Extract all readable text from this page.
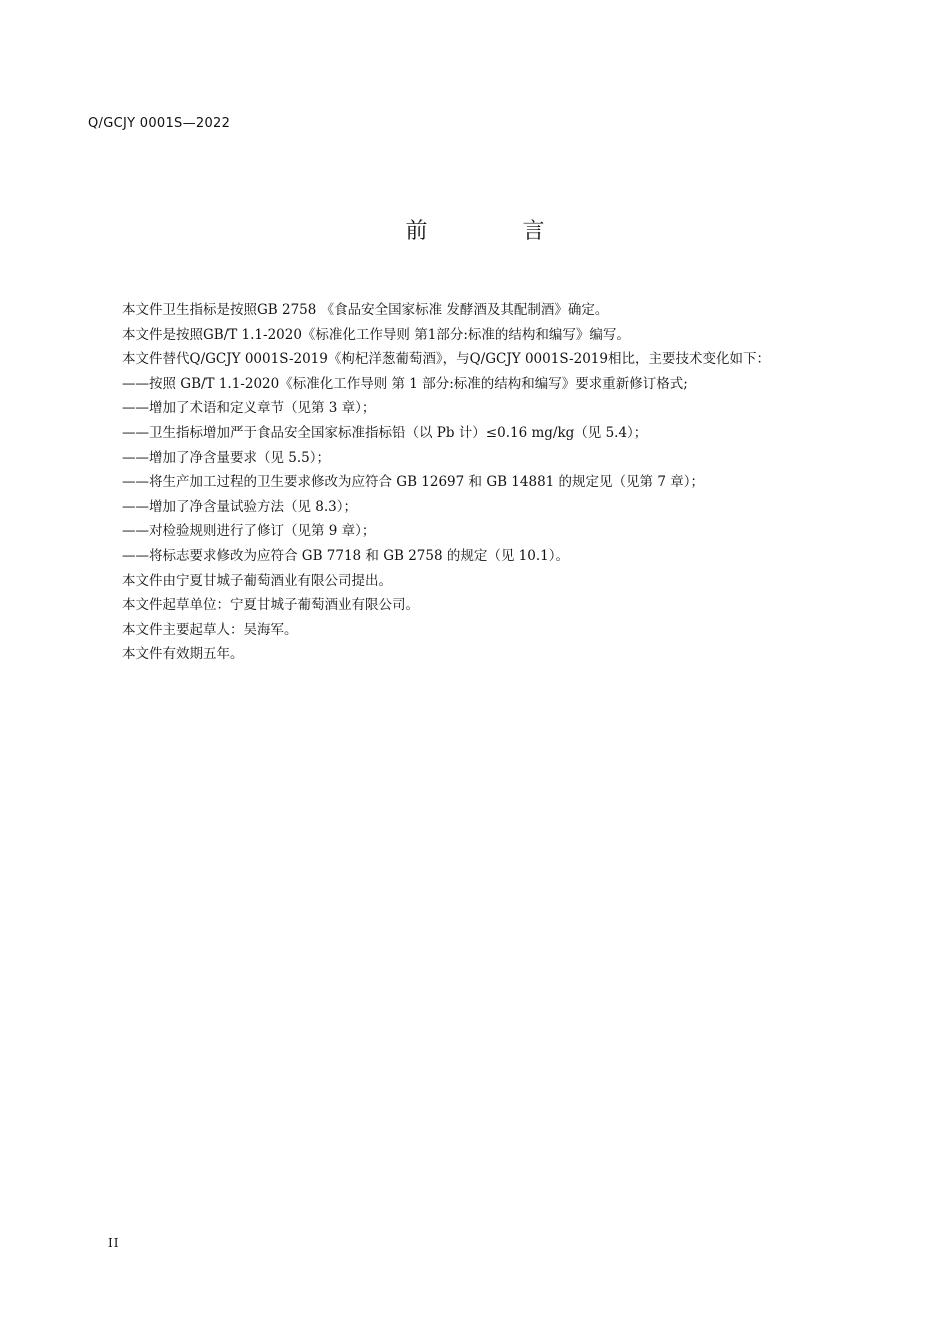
Q/GCJY 0001S—2022
前 言

本文件卫生指标是按照GB 2758 《食品安全国家标准 发酵酒及其配制酒》确定。

本文件是按照GB/T 1.1-2020《标准化工作导则 第1部分:标准的结构和编写》编写。

本文件替代Q/GCJY 0001S-2019《枸杞洋葱葡萄酒》，与Q/GCJY 0001S-2019相比，主要技术变化如下：

——按照 GB/T 1.1-2020《标准化工作导则 第 1 部分:标准的结构和编写》要求重新修订格式;

——增加了术语和定义章节（见第 3 章）；

——卫生指标增加严于食品安全国家标准指标铅（以 Pb 计）≤0.16 mg/kg（见 5.4）；

——增加了净含量要求（见 5.5）；

——将生产加工过程的卫生要求修改为应符合 GB 12697 和 GB 14881 的规定见（见第 7 章）；

——增加了净含量试验方法（见 8.3）；

——对检验规则进行了修订（见第 9 章）；

——将标志要求修改为应符合 GB 7718 和 GB 2758 的规定（见 10.1）。

本文件由宁夏甘城子葡萄酒业有限公司提出。

本文件起草单位：宁夏甘城子葡萄酒业有限公司。

本文件主要起草人：吴海军。

本文件有效期五年。

II
